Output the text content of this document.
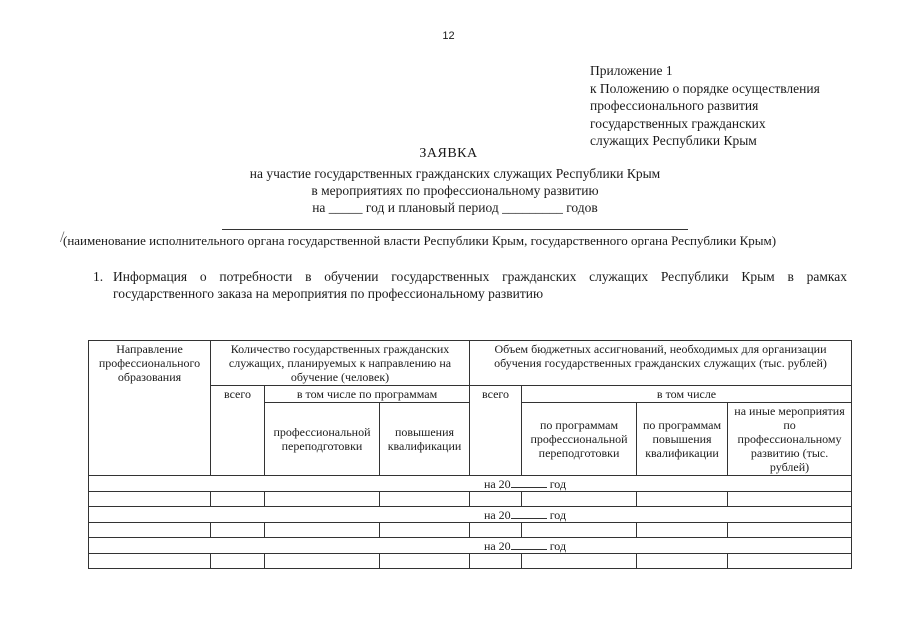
12
Приложение 1
к Положению о порядке осуществления
профессионального развития
государственных гражданских
служащих Республики Крым
ЗАЯВКА
на участие государственных гражданских служащих Республики Крым
в мероприятиях по профессиональному развитию
на _____ год и плановый период _________ годов
/
(наименование исполнительного органа государственной власти Республики Крым, государственного органа Республики Крым)
1. Информация о потребности в обучении государственных гражданских служащих Республики Крым в рамках государственного заказа на мероприятия по профессиональному развитию
Направление профессионального образования	Количество государственных гражданских служащих, планируемых к направлению на обучение (человек)			Объем бюджетных ассигнований, необходимых для организации обучения государственных гражданских служащих (тыс. рублей)			
	всего	в том числе по программам		всего	в том числе		
		профессиональной переподготовки	повышения квалификации		по программам профессиональной переподготовки	по программам повышения квалификации	на иные мероприятия по профессиональному развитию (тыс. рублей)
на 20 год							

на 20 год							

на 20 год							
